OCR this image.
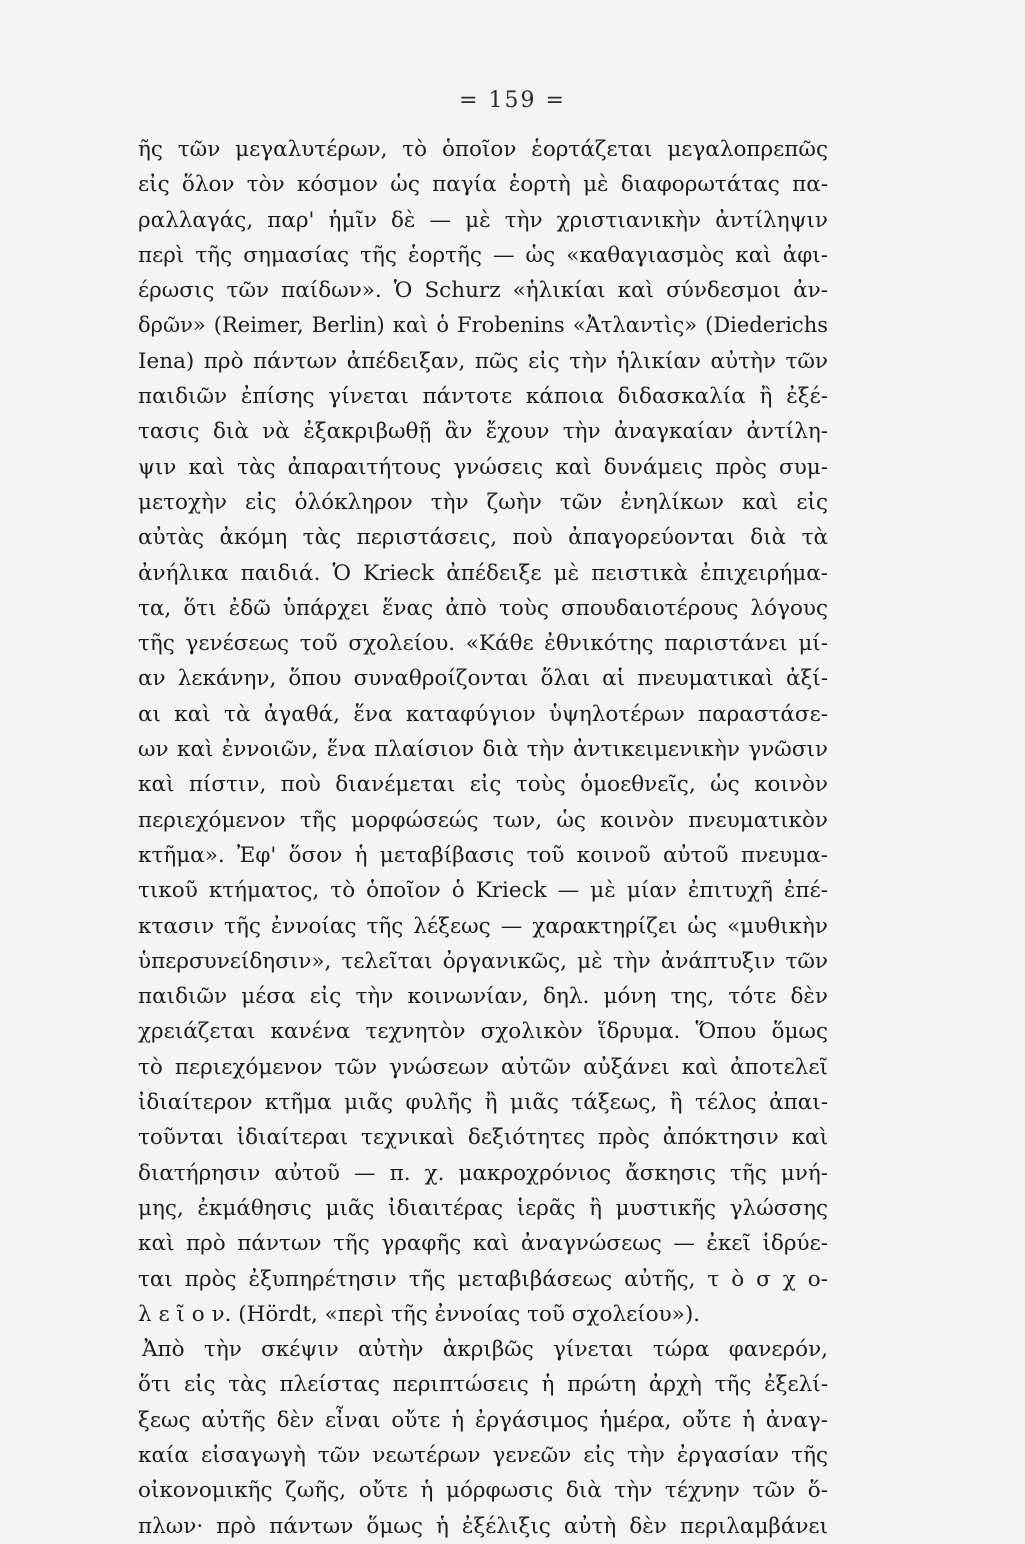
= 159 =
ῆς τῶν μεγαλυτέρων, τὸ ὁποῖον ἑορτάζεται μεγαλοπρεπῶς
εἰς ὅλον τὸν κόσμον ὡς παγία ἑορτὴ μὲ διαφορωτάτας πα-
ραλλαγάς, παρ' ἡμῖν δὲ — μὲ τὴν χριστιανικὴν ἀντίληψιν
περὶ τῆς σημασίας τῆς ἑορτῆς — ὡς «καθαγιασμὸς καὶ ἀφι-
έρωσις τῶν παίδων». Ὁ Schurz «ἡλικίαι καὶ σύνδεσμοι ἀν-
δρῶν» (Reimer, Berlin) καὶ ὁ Frobenins «Ἀτλαντὶς» (Diederichs
Iena) πρὸ πάντων ἀπέδειξαν, πῶς εἰς τὴν ἡλικίαν αὐτὴν τῶν
παιδιῶν ἐπίσης γίνεται πάντοτε κάποια διδασκαλία ἢ ἐξέ-
τασις διὰ νὰ ἐξακριβωθῇ ἂν ἔχουν τὴν ἀναγκαίαν ἀντίλη-
ψιν καὶ τὰς ἀπαραιτήτους γνώσεις καὶ δυνάμεις πρὸς συμ-
μετοχὴν εἰς ὁλόκληρον τὴν ζωὴν τῶν ἐνηλίκων καὶ εἰς
αὐτὰς ἀκόμη τὰς περιστάσεις, ποὺ ἀπαγορεύονται διὰ τὰ
ἀνήλικα παιδιά. Ὁ Krieck ἀπέδειξε μὲ πειστικὰ ἐπιχειρήμα-
τα, ὅτι ἐδῶ ὑπάρχει ἕνας ἀπὸ τοὺς σπουδαιοτέρους λόγους
τῆς γενέσεως τοῦ σχολείου. «Κάθε ἐθνικότης παριστάνει μί-
αν λεκάνην, ὅπου συναθροίζονται ὅλαι αἱ πνευματικαὶ ἀξί-
αι καὶ τὰ ἀγαθά, ἕνα καταφύγιον ὑψηλοτέρων παραστάσε-
ων καὶ ἐννοιῶν, ἕνα πλαίσιον διὰ τὴν ἀντικειμενικὴν γνῶσιν
καὶ πίστιν, ποὺ διανέμεται εἰς τοὺς ὁμοεθνεῖς, ὡς κοινὸν
περιεχόμενον τῆς μορφώσεώς των, ὡς κοινὸν πνευματικὸν
κτῆμα». Ἐφ' ὅσον ἡ μεταβίβασις τοῦ κοινοῦ αὐτοῦ πνευμα-
τικοῦ κτήματος, τὸ ὁποῖον ὁ Krieck — μὲ μίαν ἐπιτυχῆ ἐπέ-
κτασιν τῆς ἐννοίας τῆς λέξεως — χαρακτηρίζει ὡς «μυθικὴν
ὑπερσυνείδησιν», τελεῖται ὀργανικῶς, μὲ τὴν ἀνάπτυξιν τῶν
παιδιῶν μέσα εἰς τὴν κοινωνίαν, δηλ. μόνη της, τότε δὲν
χρειάζεται κανένα τεχνητὸν σχολικὸν ἵδρυμα. Ὅπου ὅμως
τὸ περιεχόμενον τῶν γνώσεων αὐτῶν αὐξάνει καὶ ἀποτελεῖ
ἰδιαίτερον κτῆμα μιᾶς φυλῆς ἢ μιᾶς τάξεως, ἢ τέλος ἀπαι-
τοῦνται ἰδιαίτεραι τεχνικαὶ δεξιότητες πρὸς ἀπόκτησιν καὶ
διατήρησιν αὐτοῦ — π. χ. μακροχρόνιος ἄσκησις τῆς μνή-
μης, ἐκμάθησις μιᾶς ἰδιαιτέρας ἱερᾶς ἢ μυστικῆς γλώσσης
καὶ πρὸ πάντων τῆς γραφῆς καὶ ἀναγνώσεως — ἐκεῖ ἱδρύε-
ται πρὸς ἐξυπηρέτησιν τῆς μεταβιβάσεως αὐτῆς, τ ὸ σ χ ο-
λ ε ῖ ο ν. (Hördt, «περὶ τῆς ἐννοίας τοῦ σχολείου»).
Ἀπὸ τὴν σκέψιν αὐτὴν ἀκριβῶς γίνεται τώρα φανερόν,
ὅτι εἰς τὰς πλείστας περιπτώσεις ἡ πρώτη ἀρχὴ τῆς ἐξελί-
ξεως αὐτῆς δὲν εἶναι οὔτε ἡ ἐργάσιμος ἡμέρα, οὔτε ἡ ἀναγ-
καία εἰσαγωγὴ τῶν νεωτέρων γενεῶν εἰς τὴν ἐργασίαν τῆς
οἰκονομικῆς ζωῆς, οὔτε ἡ μόρφωσις διὰ τὴν τέχνην τῶν ὅ-
πλων· πρὸ πάντων ὅμως ἡ ἐξέλιξις αὐτὴ δὲν περιλαμβάνει
